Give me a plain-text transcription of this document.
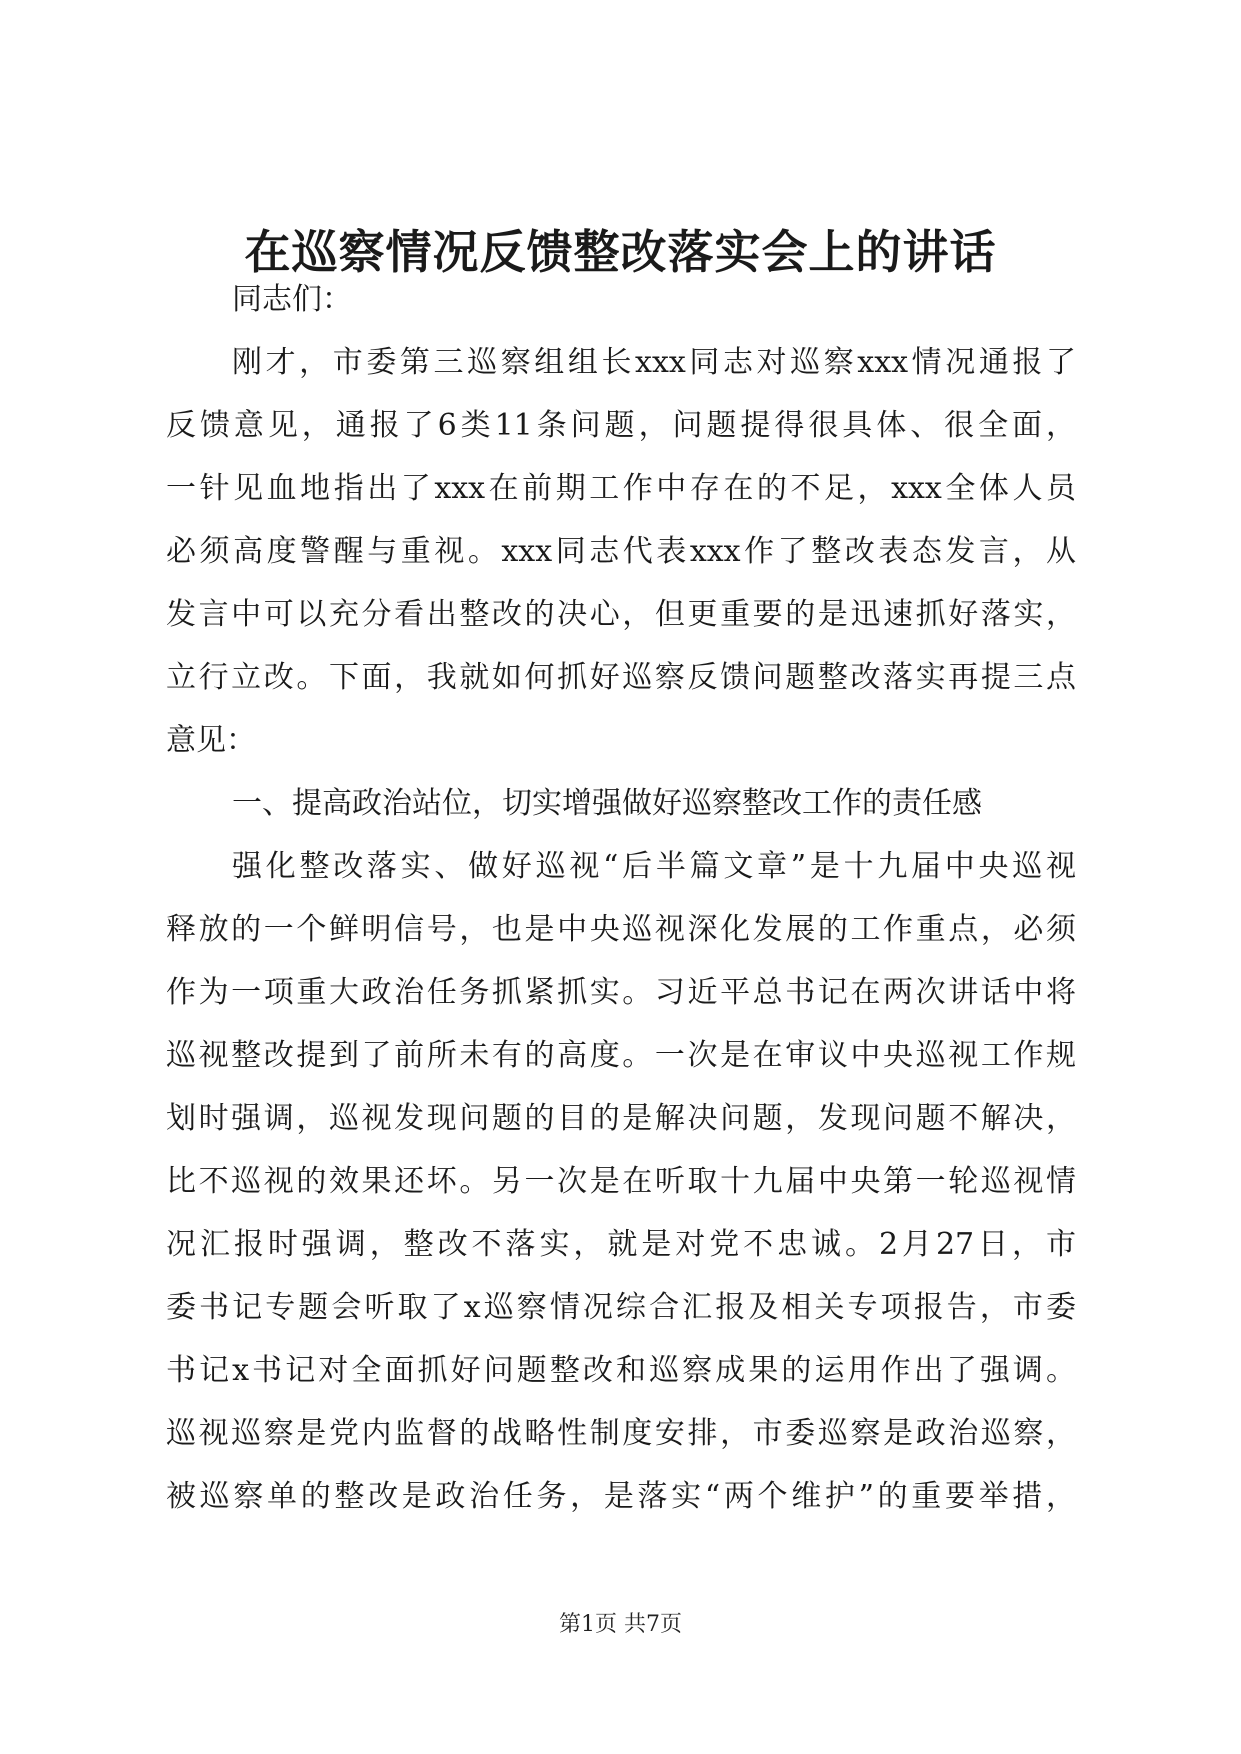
在巡察情况反馈整改落实会上的讲话
同志们：
刚才，市委第三巡察组组长xxx同志对巡察xxx情况通报了
反馈意见，通报了6类11条问题，问题提得很具体、很全面，
一针见血地指出了xxx在前期工作中存在的不足，xxx全体人员
必须高度警醒与重视。xxx同志代表xxx作了整改表态发言，从
发言中可以充分看出整改的决心，但更重要的是迅速抓好落实，
立行立改。下面，我就如何抓好巡察反馈问题整改落实再提三点
意见：
一、提高政治站位，切实增强做好巡察整改工作的责任感
强化整改落实、做好巡视“后半篇文章”是十九届中央巡视
释放的一个鲜明信号，也是中央巡视深化发展的工作重点，必须
作为一项重大政治任务抓紧抓实。习近平总书记在两次讲话中将
巡视整改提到了前所未有的高度。一次是在审议中央巡视工作规
划时强调，巡视发现问题的目的是解决问题，发现问题不解决，
比不巡视的效果还坏。另一次是在听取十九届中央第一轮巡视情
况汇报时强调，整改不落实，就是对党不忠诚。2月27日，市
委书记专题会听取了x巡察情况综合汇报及相关专项报告，市委
书记x书记对全面抓好问题整改和巡察成果的运用作出了强调。
巡视巡察是党内监督的战略性制度安排，市委巡察是政治巡察，
被巡察单的整改是政治任务，是落实“两个维护”的重要举措，
第1页 共7页
